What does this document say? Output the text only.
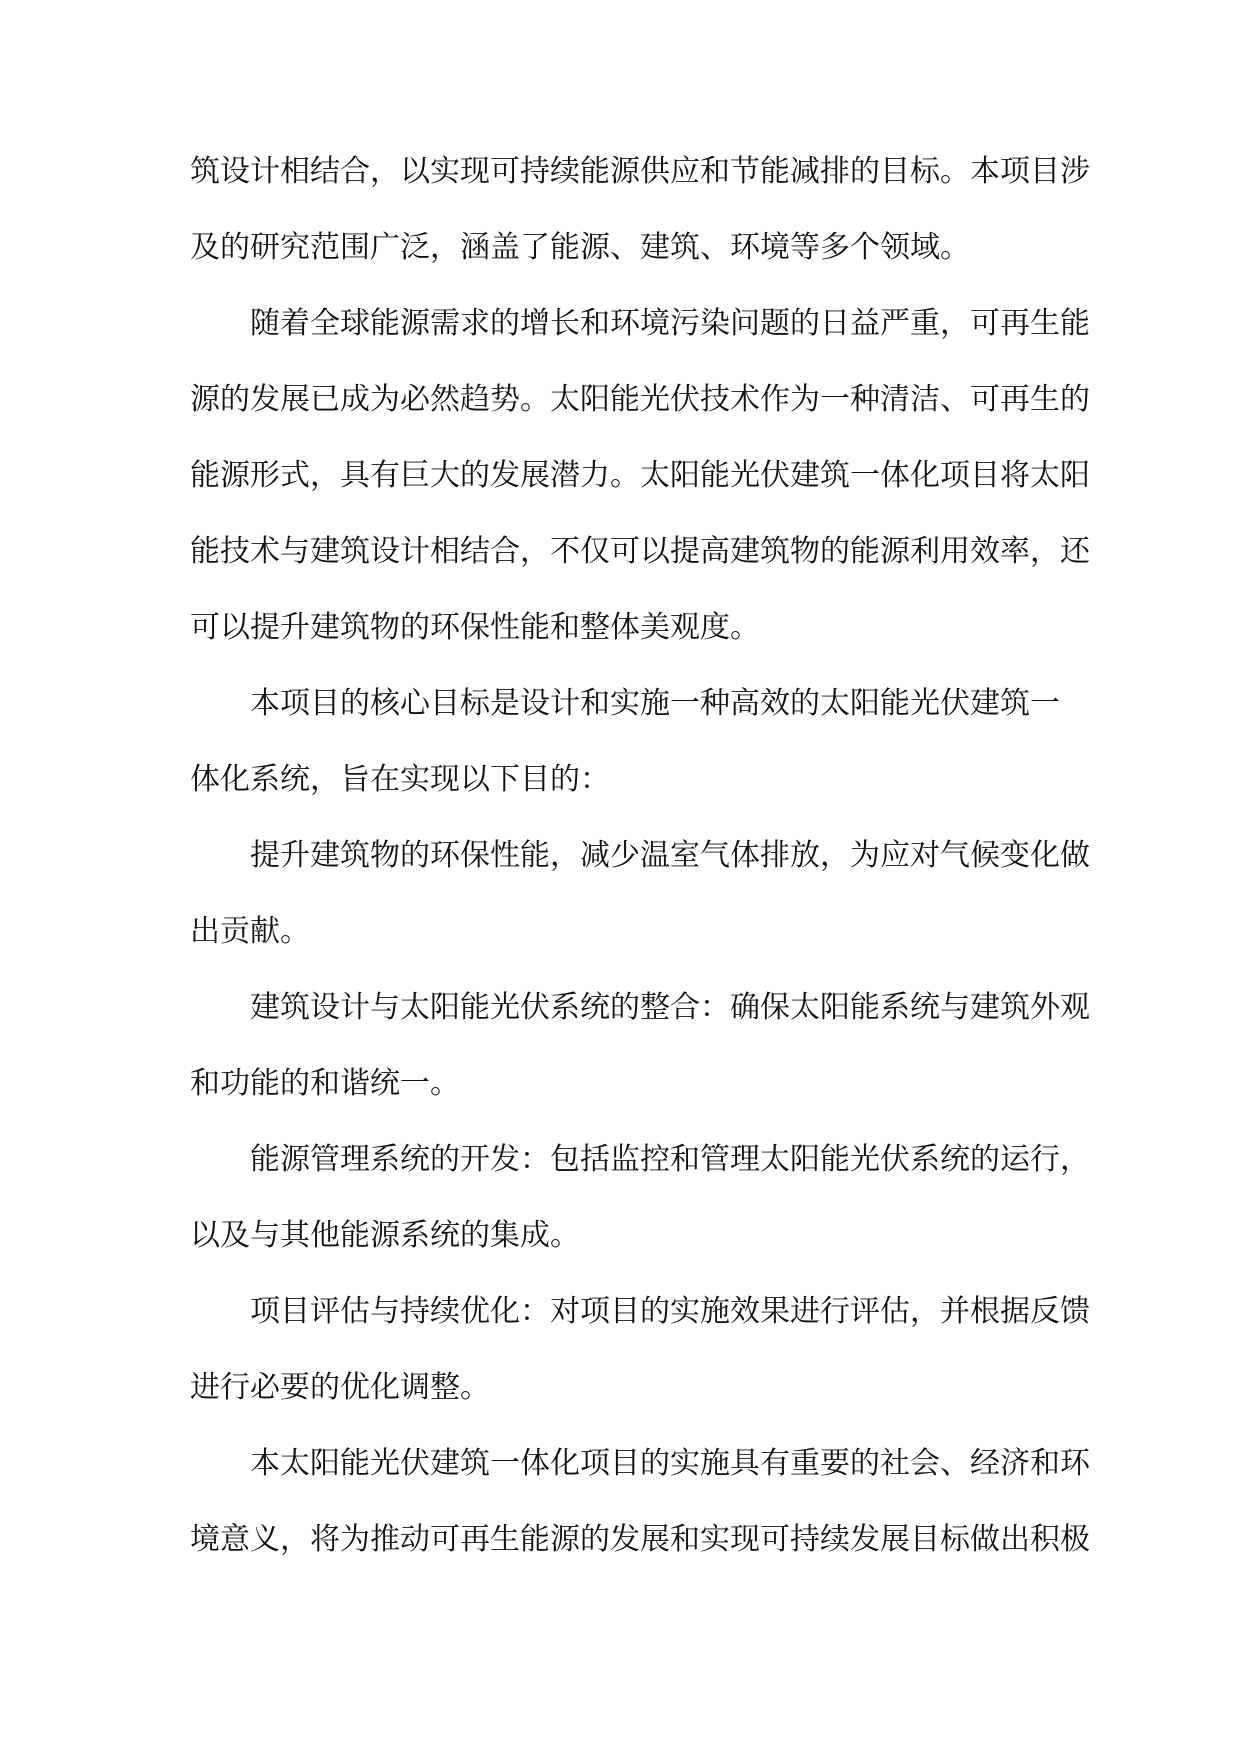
筑设计相结合，以实现可持续能源供应和节能减排的目标。本项目涉
及的研究范围广泛，涵盖了能源、建筑、环境等多个领域。
随着全球能源需求的增长和环境污染问题的日益严重，可再生能
源的发展已成为必然趋势。太阳能光伏技术作为一种清洁、可再生的
能源形式，具有巨大的发展潜力。太阳能光伏建筑一体化项目将太阳
能技术与建筑设计相结合，不仅可以提高建筑物的能源利用效率，还
可以提升建筑物的环保性能和整体美观度。
本项目的核心目标是设计和实施一种高效的太阳能光伏建筑一
体化系统，旨在实现以下目的：
提升建筑物的环保性能，减少温室气体排放，为应对气候变化做
出贡献。
建筑设计与太阳能光伏系统的整合：确保太阳能系统与建筑外观
和功能的和谐统一。
能源管理系统的开发：包括监控和管理太阳能光伏系统的运行，
以及与其他能源系统的集成。
项目评估与持续优化：对项目的实施效果进行评估，并根据反馈
进行必要的优化调整。
本太阳能光伏建筑一体化项目的实施具有重要的社会、经济和环
境意义，将为推动可再生能源的发展和实现可持续发展目标做出积极
